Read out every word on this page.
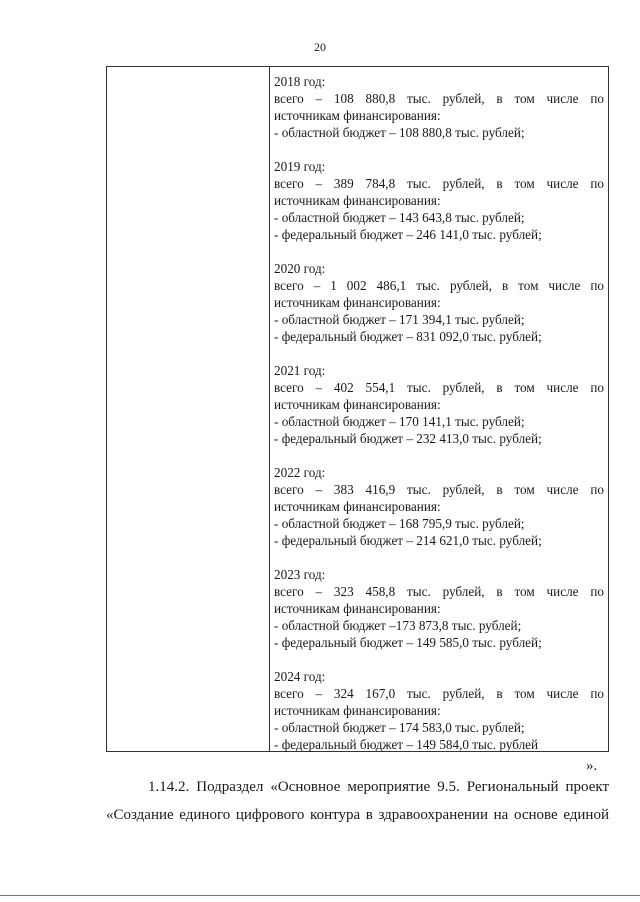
20
2018 год:
всего – 108 880,8 тыс. рублей, в том числе по
источникам финансирования:
- областной бюджет – 108 880,8 тыс. рублей;
2019 год:
всего – 389 784,8 тыс. рублей, в том числе по
источникам финансирования:
- областной бюджет – 143 643,8 тыс. рублей;
- федеральный бюджет – 246 141,0 тыс. рублей;
2020 год:
всего – 1 002 486,1 тыс. рублей, в том числе по
источникам финансирования:
- областной бюджет – 171 394,1 тыс. рублей;
- федеральный бюджет – 831 092,0 тыс. рублей;
2021 год:
всего – 402 554,1 тыс. рублей, в том числе по
источникам финансирования:
- областной бюджет – 170 141,1 тыс. рублей;
- федеральный бюджет – 232 413,0 тыс. рублей;
2022 год:
всего – 383 416,9 тыс. рублей, в том числе по
источникам финансирования:
- областной бюджет – 168 795,9 тыс. рублей;
- федеральный бюджет – 214 621,0 тыс. рублей;
2023 год:
всего – 323 458,8 тыс. рублей, в том числе по
источникам финансирования:
- областной бюджет –173 873,8 тыс. рублей;
- федеральный бюджет – 149 585,0 тыс. рублей;
2024 год:
всего – 324 167,0 тыс. рублей, в том числе по
источникам финансирования:
- областной бюджет – 174 583,0 тыс. рублей;
- федеральный бюджет – 149 584,0 тыс. рублей
».
1.14.2. Подраздел «Основное мероприятие 9.5. Региональный проект
«Создание единого цифрового контура в здравоохранении на основе единой
